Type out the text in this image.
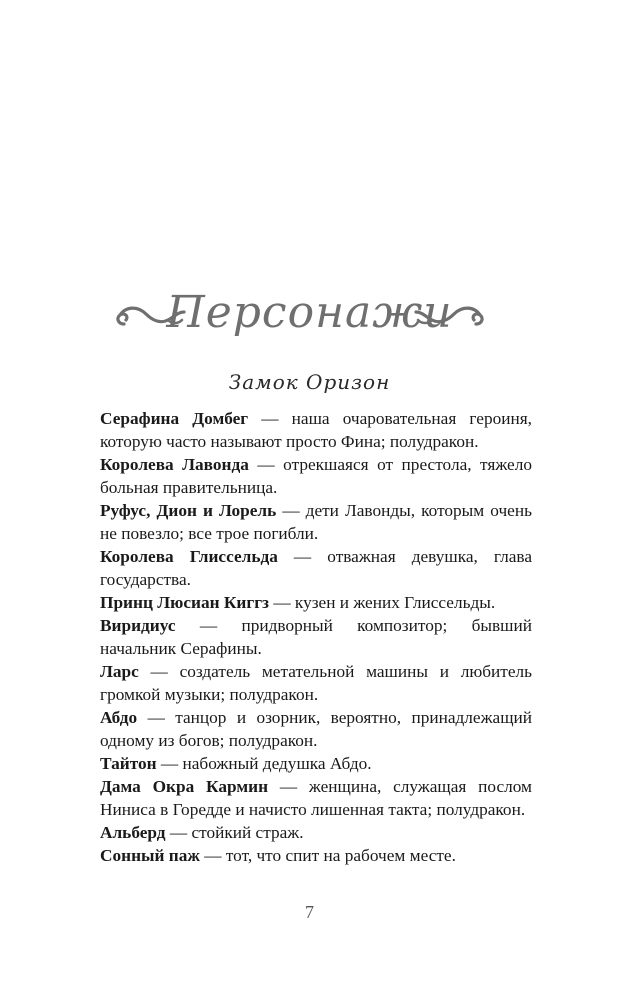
Персонажи
Замок Оризон
Серафина Домбег — наша очаровательная героиня, которую часто называют просто Фина; полудракон.
Королева Лавонда — отрекшаяся от престола, тяжело больная правительница.
Руфус, Дион и Лорель — дети Лавонды, которым очень не повезло; все трое погибли.
Королева Глиссельда — отважная девушка, глава государства.
Принц Люсиан Киггз — кузен и жених Глиссельды.
Виридиус — придворный композитор; бывший начальник Серафины.
Ларс — создатель метательной машины и любитель громкой музыки; полудракон.
Абдо — танцор и озорник, вероятно, принадлежащий одному из богов; полудракон.
Тайтон — набожный дедушка Абдо.
Дама Окра Кармин — женщина, служащая послом Ниниса в Горедде и начисто лишенная такта; полудракон.
Альберд — стойкий страж.
Сонный паж — тот, что спит на рабочем месте.
7
